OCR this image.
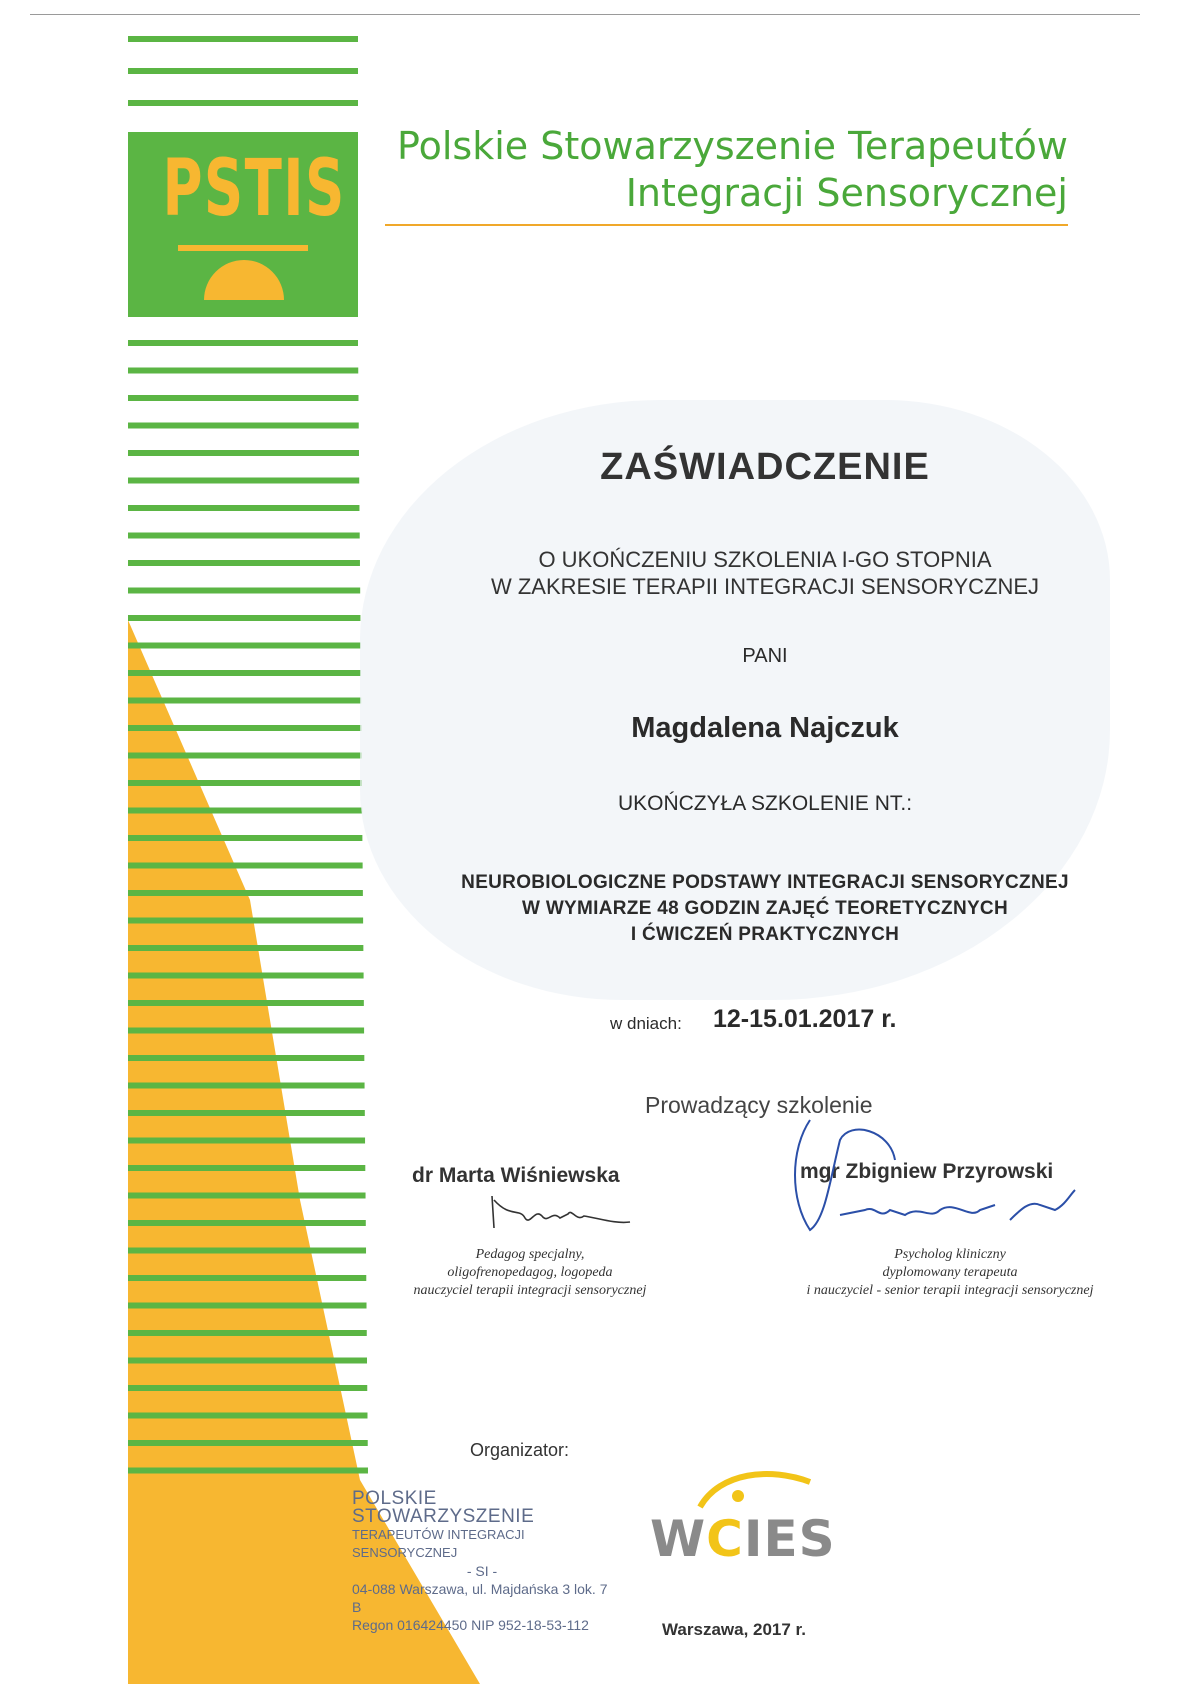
PSTIS	Polskie Stowarzyszenie Terapeutów
Integracji Sensorycznej
ZAŚWIADCZENIE
O UKOŃCZENIU SZKOLENIA I-GO STOPNIA
W ZAKRESIE TERAPII INTEGRACJI SENSORYCZNEJ
PANI
Magdalena Najczuk
UKOŃCZYŁA SZKOLENIE NT.:
NEUROBIOLOGICZNE PODSTAWY INTEGRACJI SENSORYCZNEJ
W WYMIARZE 48 GODZIN ZAJĘĆ TEORETYCZNYCH
I ĆWICZEŃ PRAKTYCZNYCH
w dniach: 12-15.01.2017 r.
Prowadzący szkolenie
dr Marta Wiśniewska
Pedagog specjalny,
oligofrenopedagog, logopeda
nauczyciel terapii integracji sensorycznej
mgr Zbigniew Przyrowski
Psycholog kliniczny
dyplomowany terapeuta
i nauczyciel - senior terapii integracji sensorycznej
Organizator:
POLSKIE STOWARZYSZENIE
TERAPEUTÓW INTEGRACJI SENSORYCZNEJ
- SI -
04-088 Warszawa, ul. Majdańska 3 lok. 7 B
Regon 016424450 NIP 952-18-53-112
WCIES
Warszawa, 2017 r.
